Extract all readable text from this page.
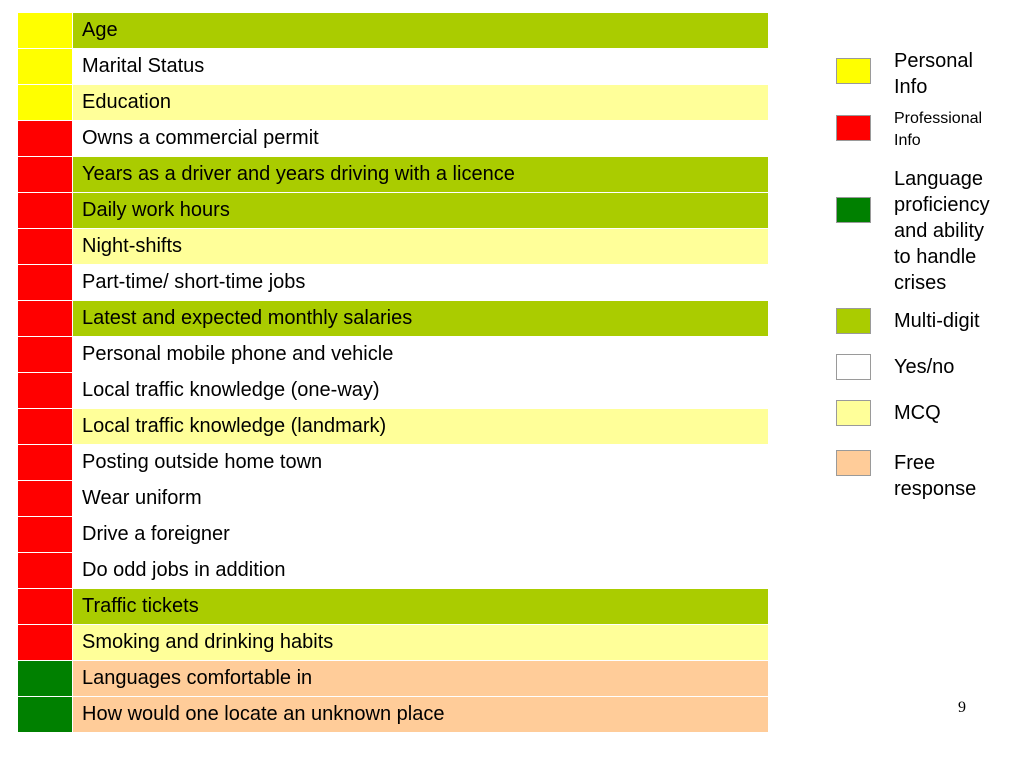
	Age
	Marital Status
	Education
	Owns a commercial permit
	Years as a driver and years driving with a licence
	Daily work hours
	Night-shifts
	Part-time/ short-time jobs
	Latest and expected monthly salaries
	Personal mobile phone and vehicle
	Local traffic knowledge (one-way)
	Local traffic knowledge (landmark)
	Posting outside home town
	Wear uniform
	Drive a foreigner
	Do odd jobs in addition
	Traffic tickets
	Smoking and drinking habits
	Languages comfortable in
	How would one locate an unknown place
Personal
Info
Professional
Info
Language
proficiency
and ability
to handle
crises
Multi-digit
Yes/no
MCQ
Free
response
9
